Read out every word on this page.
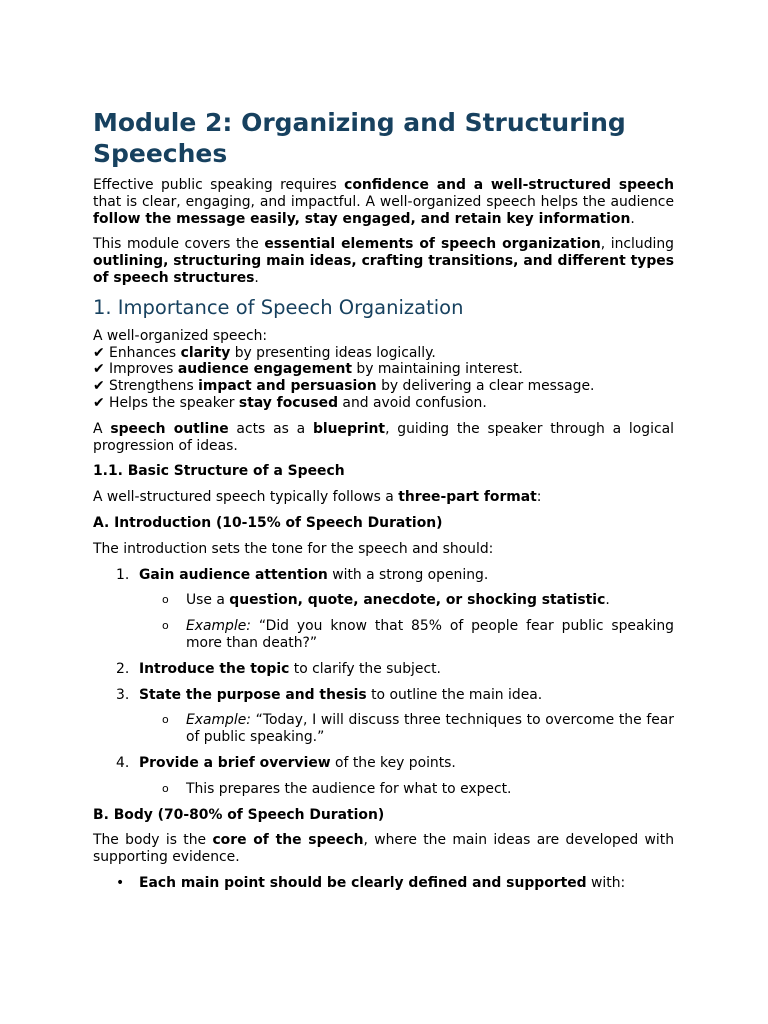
Module 2: Organizing and Structuring Speeches

Effective public speaking requires confidence and a well-structured speech that is clear, engaging, and impactful. A well-organized speech helps the audience follow the message easily, stay engaged, and retain key information.

This module covers the essential elements of speech organization, including outlining, structuring main ideas, crafting transitions, and different types of speech structures.

1. Importance of Speech Organization
A well-organized speech:
✔ Enhances clarity by presenting ideas logically.
✔ Improves audience engagement by maintaining interest.
✔ Strengthens impact and persuasion by delivering a clear message.
✔ Helps the speaker stay focused and avoid confusion.

A speech outline acts as a blueprint, guiding the speaker through a logical progression of ideas.

1.1. Basic Structure of a Speech

A well-structured speech typically follows a three-part format:

A. Introduction (10-15% of Speech Duration)

The introduction sets the tone for the speech and should:

1. Gain audience attention with a strong opening.
o Use a question, quote, anecdote, or shocking statistic.
o Example: “Did you know that 85% of people fear public speaking more than death?”
2. Introduce the topic to clarify the subject.
3. State the purpose and thesis to outline the main idea.
o Example: “Today, I will discuss three techniques to overcome the fear of public speaking.”
4. Provide a brief overview of the key points.
o This prepares the audience for what to expect.

B. Body (70-80% of Speech Duration)

The body is the core of the speech, where the main ideas are developed with supporting evidence.

• Each main point should be clearly defined and supported with:
